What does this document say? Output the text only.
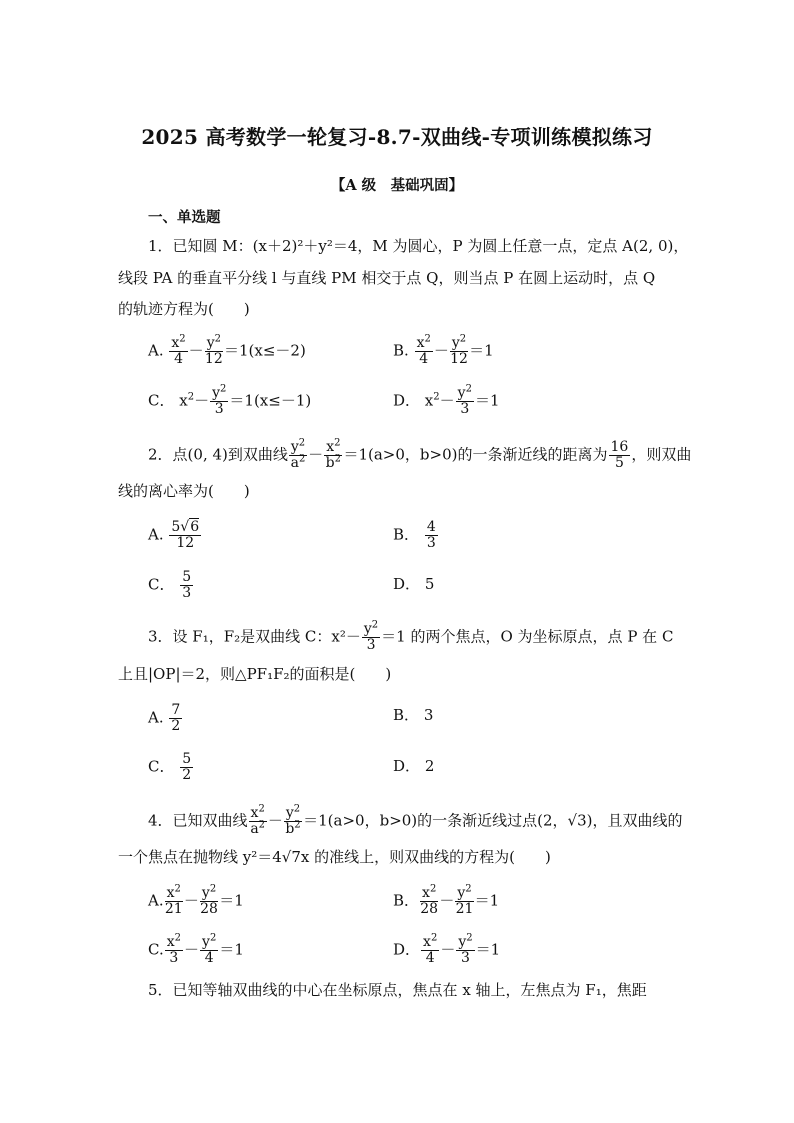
2025 高考数学一轮复习-8.7-双曲线-专项训练模拟练习
【A 级　基础巩固】
一、单选题
1．已知圆 M：(x＋2)²＋y²＝4，M 为圆心，P 为圆上任意一点，定点 A(2, 0)，
线段 PA 的垂直平分线 l 与直线 PM 相交于点 Q，则当点 P 在圆上运动时，点 Q
的轨迹方程为(　　)
A. $\frac{x^2}{4} - \frac{y^2}{12} =1(x\le-2)$	B. $\frac{x^2}{4} - \frac{y^2}{12} =1$
C． $x^2- \frac{y^2}{3} =1(x\le-1)$	D． $x^2- \frac{y^2}{3} =1$
2．点(0, 4)到双曲线 $\frac{y^2}{a^2} - \frac{x^2}{b^2} =1(a>0$，b>0)的一条渐近线的距离为 $\frac{16}{5}$ ，则双曲
线的离心率为(　　)
A. $\frac{5√6}{12}$	B． $\frac{4}{3}$
C． $\frac{5}{3}$	D． 5
3．设 F₁，F₂是双曲线 C：$x^2- \frac{y^2}{3} =1$ 的两个焦点，O 为坐标原点，点 P 在 C
上且|OP|＝2，则△PF₁F₂的面积是(　　)
A. $\frac{7}{2}$	B． 3
C． $\frac{5}{2}$	D． 2
4．已知双曲线 $\frac{x^2}{a^2} - \frac{y^2}{b^2} =1(a>0$，b>0)的一条渐近线过点(2，√3)，且双曲线的
一个焦点在抛物线 y²＝4√7x 的准线上，则双曲线的方程为(　　)
A. $\frac{x^2}{21} - \frac{y^2}{28} =1$	B． $\frac{x^2}{28} - \frac{y^2}{21} =1$
C. $\frac{x^2}{3} - \frac{y^2}{4} =1$	D． $\frac{x^2}{4} - \frac{y^2}{3} =1$
5．已知等轴双曲线的中心在坐标原点，焦点在 x 轴上，左焦点为 F₁，焦距
